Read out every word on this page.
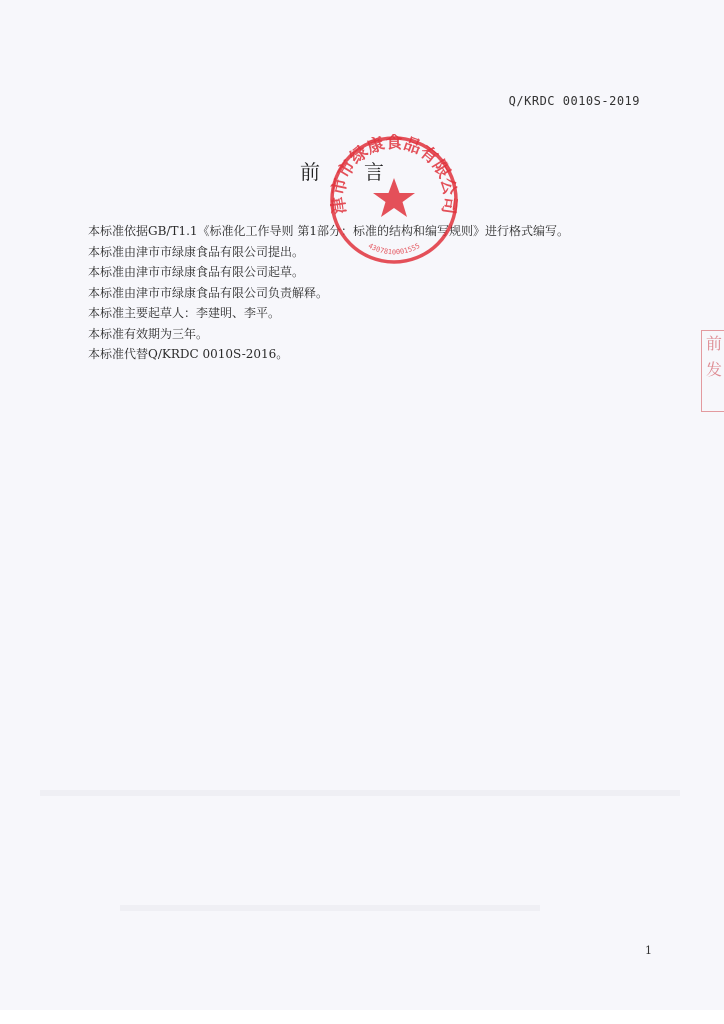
Q/KRDC 0010S-2019
前 言
本标准依据GB/T1.1《标准化工作导则 第1部分：标准的结构和编写规则》进行格式编写。
本标准由津市市绿康食品有限公司提出。
本标准由津市市绿康食品有限公司起草。
本标准由津市市绿康食品有限公司负责解释。
本标准主要起草人：李建明、李平。
本标准有效期为三年。
本标准代替Q/KRDC 0010S-2016。
津市市绿康食品有限公司
4307810001555
前
发
1
